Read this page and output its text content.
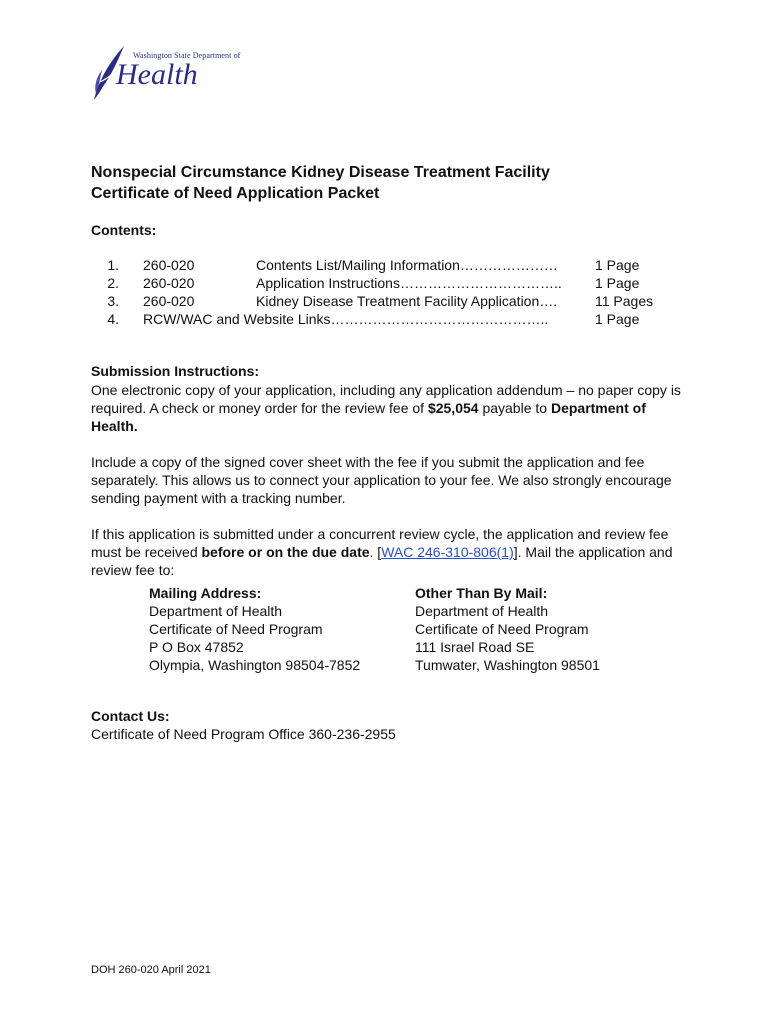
Washington State Department of
Health
Nonspecial Circumstance Kidney Disease Treatment Facility
Certificate of Need Application Packet
Contents:
1. 260-020	Contents List/Mailing Information…………………	1 Page
2. 260-020	Application Instructions…………………………….. 1 Page
3. 260-020	Kidney Disease Treatment Facility Application….	11 Pages
4. RCW/WAC and Website Links………………………………………..	1 Page
Submission Instructions:
One electronic copy of your application, including any application addendum – no paper copy is required. A check or money order for the review fee of $25,054 payable to Department of Health.
Include a copy of the signed cover sheet with the fee if you submit the application and fee separately. This allows us to connect your application to your fee. We also strongly encourage sending payment with a tracking number.
If this application is submitted under a concurrent review cycle, the application and review fee must be received before or on the due date. [WAC 246-310-806(1)]. Mail the application and review fee to:
Mailing Address:
Department of Health
Certificate of Need Program
P O Box 47852
Olympia, Washington 98504-7852
Other Than By Mail:
Department of Health
Certificate of Need Program
111 Israel Road SE
Tumwater, Washington 98501
Contact Us:
Certificate of Need Program Office 360-236-2955
DOH 260-020 April 2021
